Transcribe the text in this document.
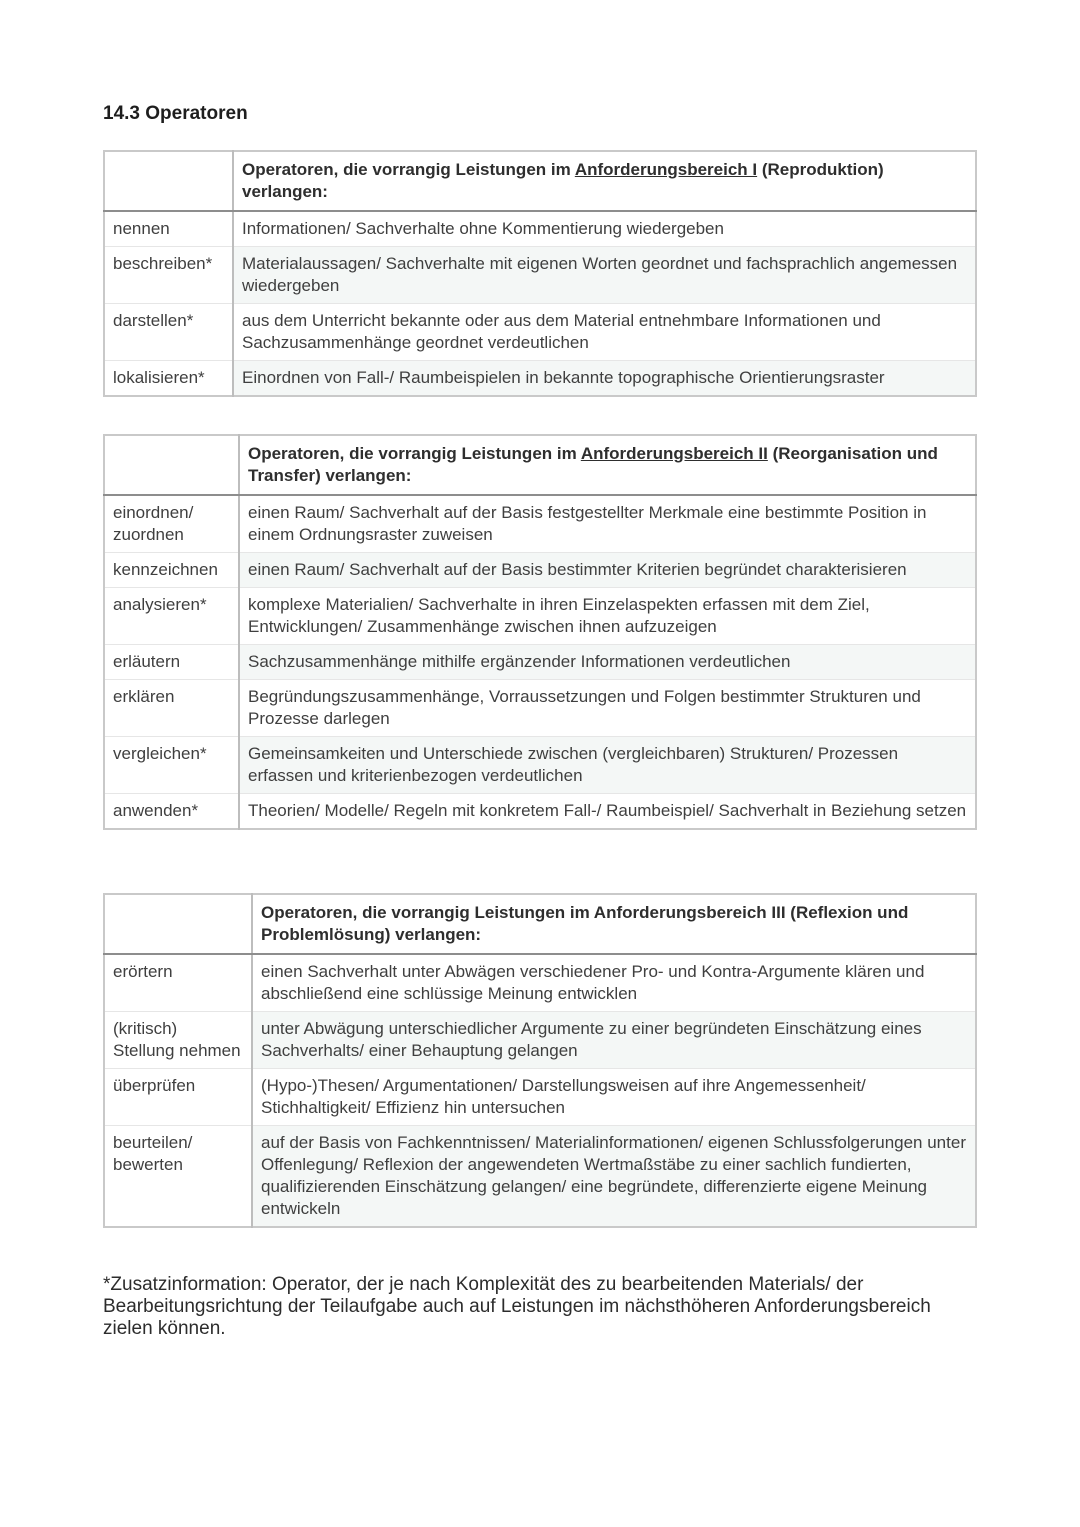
14.3 Operatoren
	Operatoren, die vorrangig Leistungen im Anforderungsbereich I (Reproduktion) verlangen:
nennen	Informationen/ Sachverhalte ohne Kommentierung wiedergeben
beschreiben*	Materialaussagen/ Sachverhalte mit eigenen Worten geordnet und fachsprachlich angemessen wiedergeben
darstellen*	aus dem Unterricht bekannte oder aus dem Material entnehmbare Informationen und Sachzusammenhänge geordnet verdeutlichen
lokalisieren*	Einordnen von Fall-/ Raumbeispielen in bekannte topographische Orientierungsraster
	Operatoren, die vorrangig Leistungen im Anforderungsbereich II (Reorganisation und Transfer) verlangen:
einordnen/ zuordnen	einen Raum/ Sachverhalt auf der Basis festgestellter Merkmale eine bestimmte Position in einem Ordnungsraster zuweisen
kennzeichnen	einen Raum/ Sachverhalt auf der Basis bestimmter Kriterien begründet charakterisieren
analysieren*	komplexe Materialien/ Sachverhalte in ihren Einzelaspekten erfassen mit dem Ziel, Entwicklungen/ Zusammenhänge zwischen ihnen aufzuzeigen
erläutern	Sachzusammenhänge mithilfe ergänzender Informationen verdeutlichen
erklären	Begründungszusammenhänge, Vorraussetzungen und Folgen bestimmter Strukturen und Prozesse darlegen
vergleichen*	Gemeinsamkeiten und Unterschiede zwischen (vergleichbaren) Strukturen/ Prozessen erfassen und kriterienbezogen verdeutlichen
anwenden*	Theorien/ Modelle/ Regeln mit konkretem Fall-/ Raumbeispiel/ Sachverhalt in Beziehung setzen
	Operatoren, die vorrangig Leistungen im Anforderungsbereich III (Reflexion und Problemlösung) verlangen:
erörtern	einen Sachverhalt unter Abwägen verschiedener Pro- und Kontra-Argumente klären und abschließend eine schlüssige Meinung entwicklen
(kritisch) Stellung nehmen	unter Abwägung unterschiedlicher Argumente zu einer begründeten Einschätzung eines Sachverhalts/ einer Behauptung gelangen
überprüfen	(Hypo-)Thesen/ Argumentationen/ Darstellungsweisen auf ihre Angemessenheit/ Stichhaltigkeit/ Effizienz hin untersuchen
beurteilen/ bewerten	auf der Basis von Fachkenntnissen/ Materialinformationen/ eigenen Schlussfolgerungen unter Offenlegung/ Reflexion der angewendeten Wertmaßstäbe zu einer sachlich fundierten, qualifizierenden Einschätzung gelangen/ eine begründete, differenzierte eigene Meinung entwickeln

*Zusatzinformation: Operator, der je nach Komplexität des zu bearbeitenden Materials/ der Bearbeitungsrichtung der Teilaufgabe auch auf Leistungen im nächsthöheren Anforderungsbereich zielen können.
